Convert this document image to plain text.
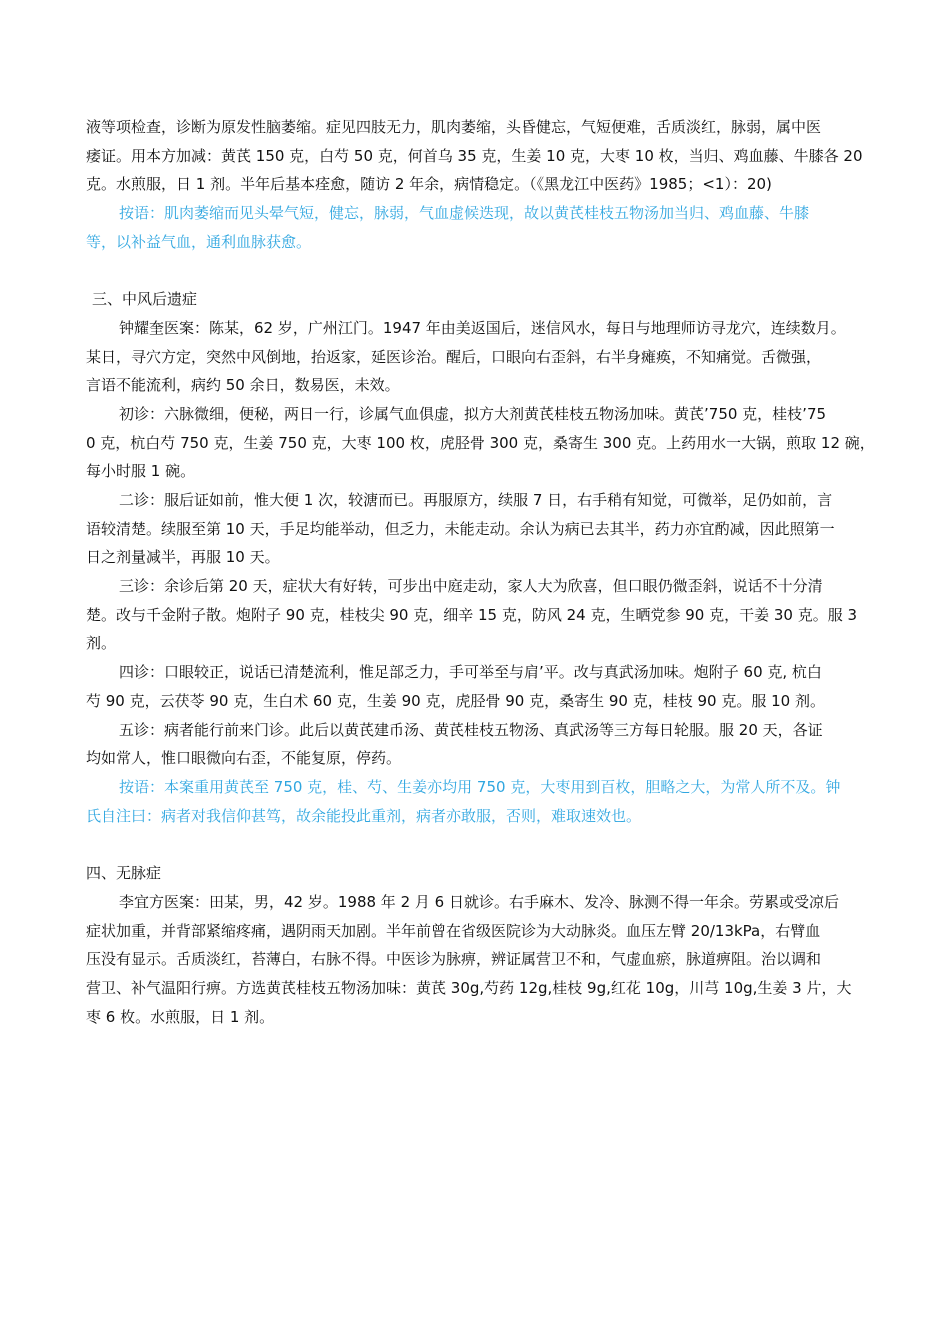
液等项检查，诊断为原发性脑萎缩。症见四肢无力，肌肉萎缩，头昏健忘，气短便难，舌质淡红，脉弱，属中医
痿证。用本方加减：黄芪 150 克，白芍 50 克，何首乌 35 克，生姜 10 克，大枣 10 枚，当归、鸡血藤、牛膝各 20
克。水煎服，日 1 剂。半年后基本痊愈，随访 2 年余，病情稳定。（《黑龙江中医药》1985；<1）：20)
按语：肌肉萎缩而见头晕气短，健忘，脉弱，气血虚候迭现，故以黄芪桂枝五物汤加当归、鸡血藤、牛膝
等，以补益气血，通利血脉获愈。
三、中风后遗症
钟耀奎医案：陈某，62 岁，广州江门。1947 年由美返国后，迷信风水，每日与地理师访寻龙穴，连续数月。
某日，寻穴方定，突然中风倒地，抬返家，延医诊治。醒后，口眼向右歪斜，右半身瘫痪，不知痛觉。舌微强，
言语不能流利，病约 50 余日，数易医，未效。
初诊：六脉微细，便秘，两日一行，诊属气血俱虚，拟方大剂黄芪桂枝五物汤加味。黄芪’750 克，桂枝’75
0 克，杭白芍 750 克，生姜 750 克，大枣 100 枚，虎胫骨 300 克，桑寄生 300 克。上药用水一大锅，煎取 12 碗，
每小时服 1 碗。
二诊：服后证如前，惟大便 1 次，较溏而已。再服原方，续服 7 日，右手稍有知觉，可微举，足仍如前，言
语较清楚。续服至第 10 天，手足均能举动，但乏力，未能走动。余认为病已去其半，药力亦宜酌减，因此照第一
日之剂量减半，再服 10 天。
三诊：余诊后第 20 天，症状大有好转，可步出中庭走动，家人大为欣喜，但口眼仍微歪斜，说话不十分清
楚。改与千金附子散。炮附子 90 克，桂枝尖 90 克，细辛 15 克，防风 24 克，生晒党参 90 克，干姜 30 克。服 3
剂。
四诊：口眼较正，说话已清楚流利，惟足部乏力，手可举至与肩’平。改与真武汤加味。炮附子 60 克, 杭白
芍 90 克，云茯苓 90 克，生白术 60 克，生姜 90 克，虎胫骨 90 克，桑寄生 90 克，桂枝 90 克。服 10 剂。
五诊：病者能行前来门诊。此后以黄芪建币汤、黄芪桂枝五物汤、真武汤等三方每日轮服。服 20 天，各证
均如常人，惟口眼微向右歪，不能复原，停药。
按语：本案重用黄芪至 750 克，桂、芍、生姜亦均用 750 克，大枣用到百枚，胆略之大，为常人所不及。钟
氏自注曰：病者对我信仰甚笃，故余能投此重剂，病者亦敢服，否则，难取速效也。
四、无脉症
李宜方医案：田某，男，42 岁。1988 年 2 月 6 日就诊。右手麻木、发冷、脉测不得一年余。劳累或受凉后
症状加重，并背部紧缩疼痛，遇阴雨天加剧。半年前曾在省级医院诊为大动脉炎。血压左臂 20/13kPa，右臂血
压没有显示。舌质淡红，苔薄白，右脉不得。中医诊为脉痹，辨证属营卫不和，气虚血瘀，脉道痹阻。治以调和
营卫、补气温阳行痹。方选黄芪桂枝五物汤加味：黄芪 30g,芍药 12g,桂枝 9g,红花 10g，川芎 10g,生姜 3 片，大
枣 6 枚。水煎服，日 1 剂。
